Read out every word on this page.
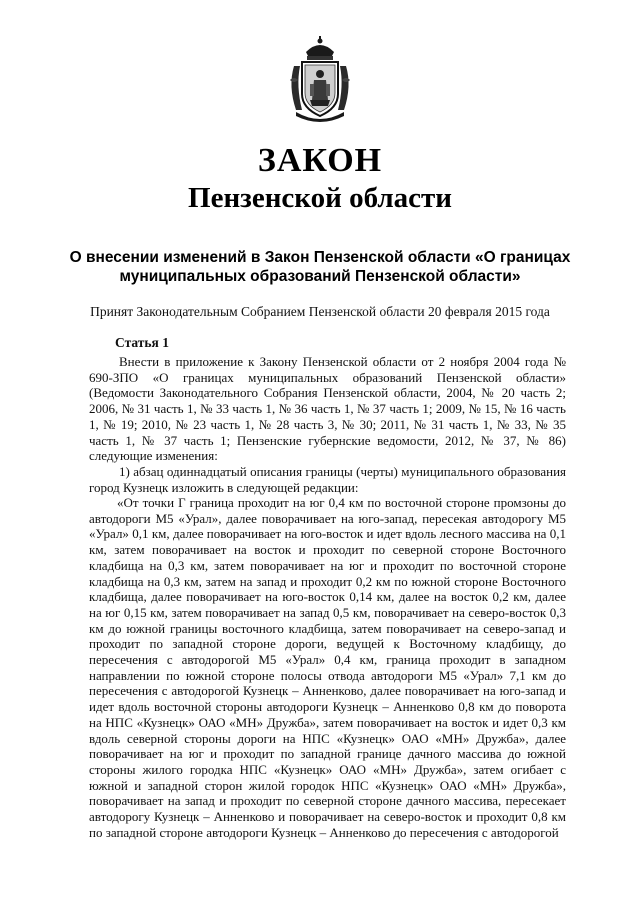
ЗАКОН
Пензенской области
О внесении изменений в Закон Пензенской области «О границах муниципальных образований Пензенской области»
Принят Законодательным Собранием Пензенской области 20 февраля 2015 года
Статья 1
Внести в приложение к Закону Пензенской области от 2 ноября 2004 года № 690-ЗПО «О границах муниципальных образований Пензенской области» (Ведомости Законодательного Собрания Пензенской области, 2004, № 20 часть 2; 2006, № 31 часть 1, № 33 часть 1, № 36 часть 1, № 37 часть 1; 2009, № 15, № 16 часть 1, № 19; 2010, № 23 часть 1, № 28 часть 3, № 30; 2011, № 31 часть 1, № 33, № 35 часть 1, № 37 часть 1; Пензенские губернские ведомости, 2012, № 37, № 86) следующие изменения:
1) абзац одиннадцатый описания границы (черты) муниципального образования город Кузнецк изложить в следующей редакции:
«От точки Г граница проходит на юг 0,4 км по восточной стороне промзоны до автодороги М5 «Урал», далее поворачивает на юго-запад, пересекая автодорогу М5 «Урал» 0,1 км, далее поворачивает на юго-восток и идет вдоль лесного массива на 0,1 км, затем поворачивает на восток и проходит по северной стороне Восточного кладбища на 0,3 км, затем поворачивает на юг и проходит по восточной стороне кладбища на 0,3 км, затем на запад и проходит 0,2 км по южной стороне Восточного кладбища, далее поворачивает на юго-восток 0,14 км, далее на восток 0,2 км, далее на юг 0,15 км, затем поворачивает на запад 0,5 км, поворачивает на северо-восток 0,3 км до южной границы восточного кладбища, затем поворачивает на северо-запад и проходит по западной стороне дороги, ведущей к Восточному кладбищу, до пересечения с автодорогой М5 «Урал» 0,4 км, граница проходит в западном направлении по южной стороне полосы отвода автодороги М5 «Урал» 7,1 км до пересечения с автодорогой Кузнецк – Анненково, далее поворачивает на юго-запад и идет вдоль восточной стороны автодороги Кузнецк – Анненково 0,8 км до поворота на НПС «Кузнецк» ОАО «МН» Дружба», затем поворачивает на восток и идет 0,3 км вдоль северной стороны дороги на НПС «Кузнецк» ОАО «МН» Дружба», далее поворачивает на юг и проходит по западной границе дачного массива до южной стороны жилого городка НПС «Кузнецк» ОАО «МН» Дружба», затем огибает с южной и западной сторон жилой городок НПС «Кузнецк» ОАО «МН» Дружба», поворачивает на запад и проходит по северной стороне дачного массива, пересекает автодорогу Кузнецк – Анненково и поворачивает на северо-восток и проходит 0,8 км по западной стороне автодороги Кузнецк – Анненково до пересечения с автодорогой
